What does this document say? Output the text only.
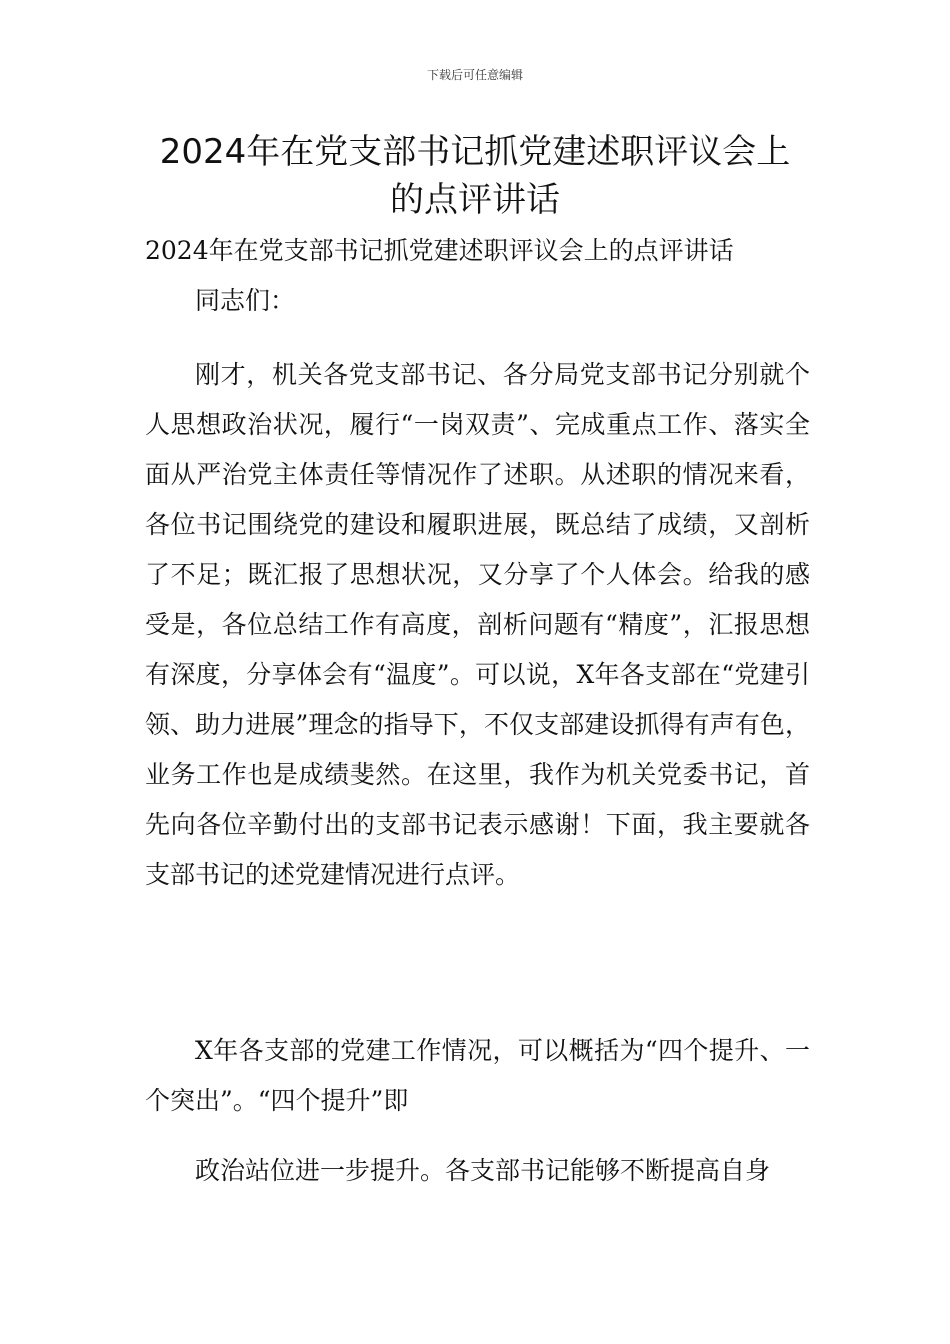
下载后可任意编辑
2024年在党支部书记抓党建述职评议会上的点评讲话

2024年在党支部书记抓党建述职评议会上的点评讲话

同志们：

刚才，机关各党支部书记、各分局党支部书记分别就个人思想政治状况，履行“一岗双责”、完成重点工作、落实全面从严治党主体责任等情况作了述职。从述职的情况来看，各位书记围绕党的建设和履职进展，既总结了成绩，又剖析了不足；既汇报了思想状况，又分享了个人体会。给我的感受是，各位总结工作有高度，剖析问题有“精度”，汇报思想有深度，分享体会有“温度”。可以说，X年各支部在“党建引领、助力进展”理念的指导下，不仅支部建设抓得有声有色，业务工作也是成绩斐然。在这里，我作为机关党委书记，首先向各位辛勤付出的支部书记表示感谢！下面，我主要就各支部书记的述党建情况进行点评。

X年各支部的党建工作情况，可以概括为“四个提升、一个突出”。“四个提升”即

政治站位进一步提升。各支部书记能够不断提高自身
